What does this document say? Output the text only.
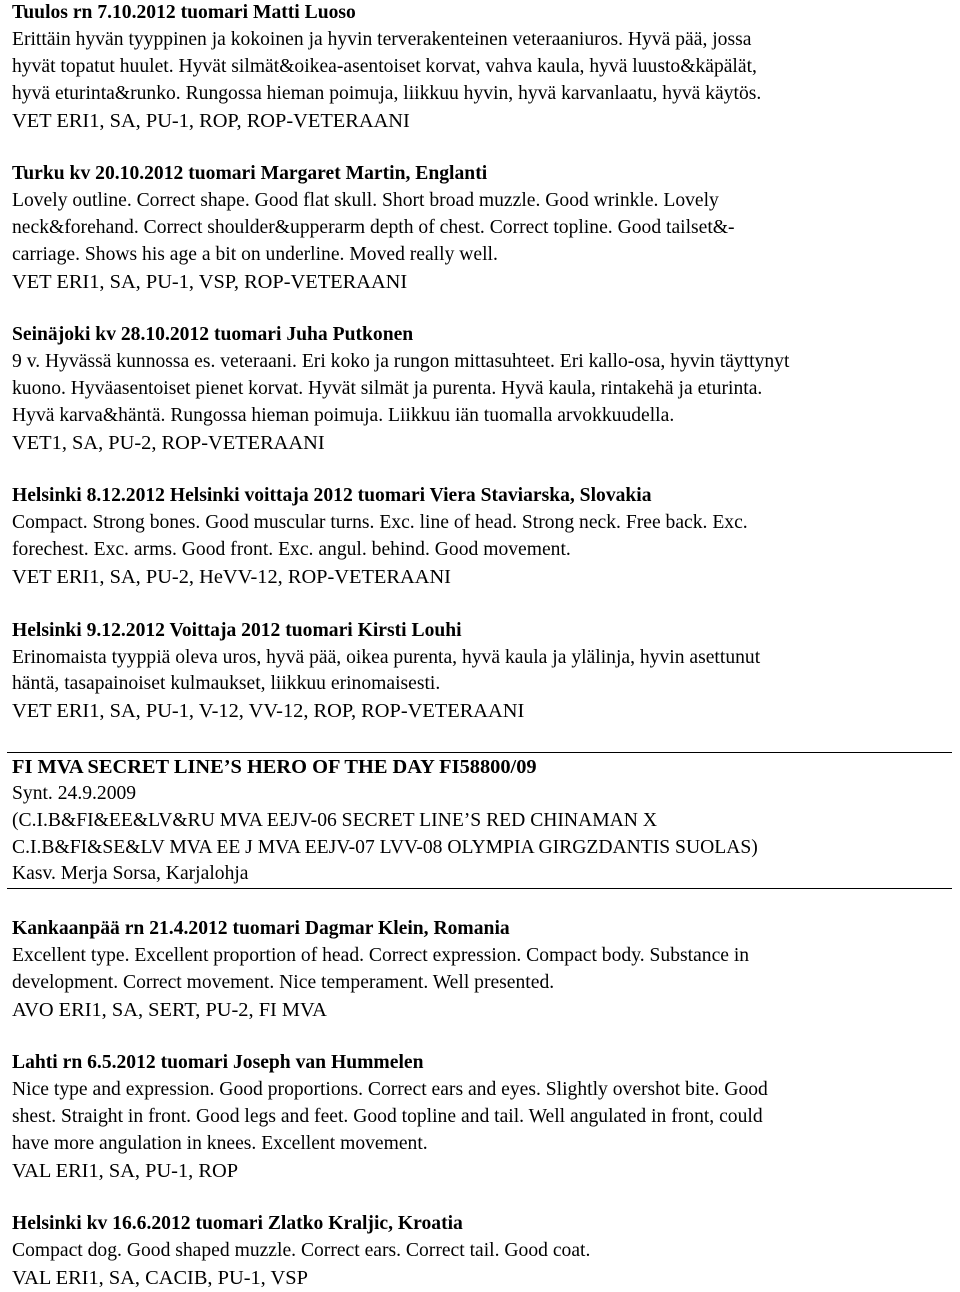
Tuulos rn 7.10.2012 tuomari Matti Luoso
Erittäin hyvän tyyppinen ja kokoinen ja hyvin terverakenteinen veteraaniuros. Hyvä pää, jossa
hyvät topatut huulet. Hyvät silmät&oikea-asentoiset korvat, vahva kaula, hyvä luusto&käpälät,
hyvä eturinta&runko. Rungossa hieman poimuja, liikkuu hyvin, hyvä karvanlaatu, hyvä käytös.
VET ERI1, SA, PU-1, ROP, ROP-VETERAANI
Turku kv 20.10.2012 tuomari Margaret Martin, Englanti
Lovely outline. Correct shape. Good flat skull. Short broad muzzle. Good wrinkle. Lovely
neck&forehand. Correct shoulder&upperarm depth of chest. Correct topline. Good tailset&-
carriage. Shows his age a bit on underline. Moved really well.
VET ERI1, SA, PU-1, VSP, ROP-VETERAANI
Seinäjoki kv 28.10.2012 tuomari Juha Putkonen
9 v. Hyvässä kunnossa es. veteraani. Eri koko ja rungon mittasuhteet. Eri kallo-osa, hyvin täyttynyt
kuono. Hyväasentoiset pienet korvat. Hyvät silmät ja purenta. Hyvä kaula, rintakehä ja eturinta.
Hyvä karva&häntä. Rungossa hieman poimuja. Liikkuu iän tuomalla arvokkuudella.
VET1, SA, PU-2, ROP-VETERAANI
Helsinki 8.12.2012 Helsinki voittaja 2012 tuomari Viera Staviarska, Slovakia
Compact. Strong bones. Good muscular turns. Exc. line of head. Strong neck. Free back. Exc.
forechest. Exc. arms. Good front. Exc. angul. behind. Good movement.
VET ERI1, SA, PU-2, HeVV-12, ROP-VETERAANI
Helsinki 9.12.2012 Voittaja 2012 tuomari Kirsti Louhi
Erinomaista tyyppiä oleva uros, hyvä pää, oikea purenta, hyvä kaula ja ylälinja, hyvin asettunut
häntä, tasapainoiset kulmaukset, liikkuu erinomaisesti.
VET ERI1, SA, PU-1, V-12, VV-12, ROP, ROP-VETERAANI
FI MVA SECRET LINE’S HERO OF THE DAY FI58800/09
Synt. 24.9.2009
(C.I.B&FI&EE&LV&RU MVA EEJV-06 SECRET LINE’S RED CHINAMAN X
C.I.B&FI&SE&LV MVA EE J MVA EEJV-07 LVV-08 OLYMPIA GIRGZDANTIS SUOLAS)
Kasv. Merja Sorsa, Karjalohja
Kankaanpää rn 21.4.2012 tuomari Dagmar Klein, Romania
Excellent type. Excellent proportion of head. Correct expression. Compact body. Substance in
development. Correct movement. Nice temperament. Well presented.
AVO ERI1, SA, SERT, PU-2, FI MVA
Lahti rn 6.5.2012 tuomari Joseph van Hummelen
Nice type and expression. Good proportions. Correct ears and eyes. Slightly overshot bite. Good
shest. Straight in front. Good legs and feet. Good topline and tail. Well angulated in front, could
have more angulation in knees. Excellent movement.
VAL ERI1, SA, PU-1, ROP
Helsinki kv 16.6.2012 tuomari Zlatko Kraljic, Kroatia
Compact dog. Good shaped muzzle. Correct ears. Correct tail. Good coat.
VAL ERI1, SA, CACIB, PU-1, VSP
